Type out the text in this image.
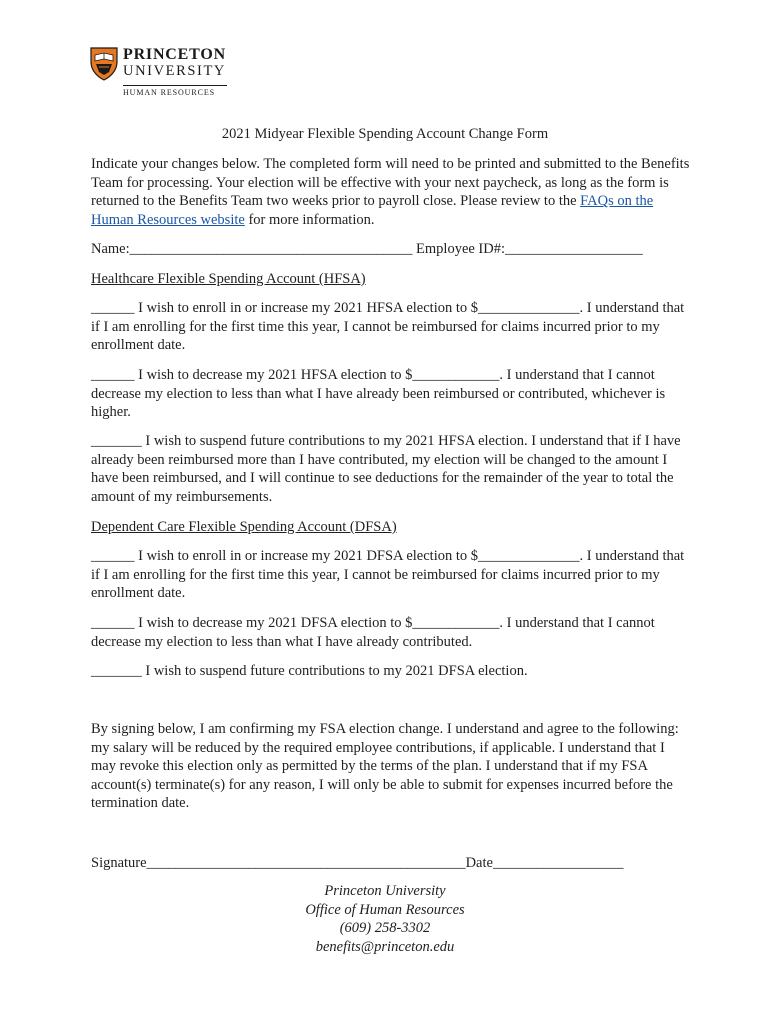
PRINCETON
UNIVERSITY
HUMAN RESOURCES
2021 Midyear Flexible Spending Account Change Form
Indicate your changes below. The completed form will need to be printed and submitted to the Benefits Team for processing. Your election will be effective with your next paycheck, as long as the form is returned to the Benefits Team two weeks prior to payroll close. Please review to the FAQs on the Human Resources website for more information.
Name:_______________________________________ Employee ID#:___________________
Healthcare Flexible Spending Account (HFSA)
______ I wish to enroll in or increase my 2021 HFSA election to $______________. I understand that if I am enrolling for the first time this year, I cannot be reimbursed for claims incurred prior to my enrollment date.
______ I wish to decrease my 2021 HFSA election to $____________. I understand that I cannot decrease my election to less than what I have already been reimbursed or contributed, whichever is higher.
_______ I wish to suspend future contributions to my 2021 HFSA election. I understand that if I have already been reimbursed more than I have contributed, my election will be changed to the amount I have been reimbursed, and I will continue to see deductions for the remainder of the year to total the amount of my reimbursements.
Dependent Care Flexible Spending Account (DFSA)
______ I wish to enroll in or increase my 2021 DFSA election to $______________. I understand that if I am enrolling for the first time this year, I cannot be reimbursed for claims incurred prior to my enrollment date.
______ I wish to decrease my 2021 DFSA election to $____________. I understand that I cannot decrease my election to less than what I have already contributed.
_______ I wish to suspend future contributions to my 2021 DFSA election.
By signing below, I am confirming my FSA election change. I understand and agree to the following: my salary will be reduced by the required employee contributions, if applicable. I understand that I may revoke this election only as permitted by the terms of the plan. I understand that if my FSA account(s) terminate(s) for any reason, I will only be able to submit for expenses incurred before the termination date.
Signature____________________________________________Date__________________
Princeton University
Office of Human Resources
(609) 258-3302
benefits@princeton.edu
